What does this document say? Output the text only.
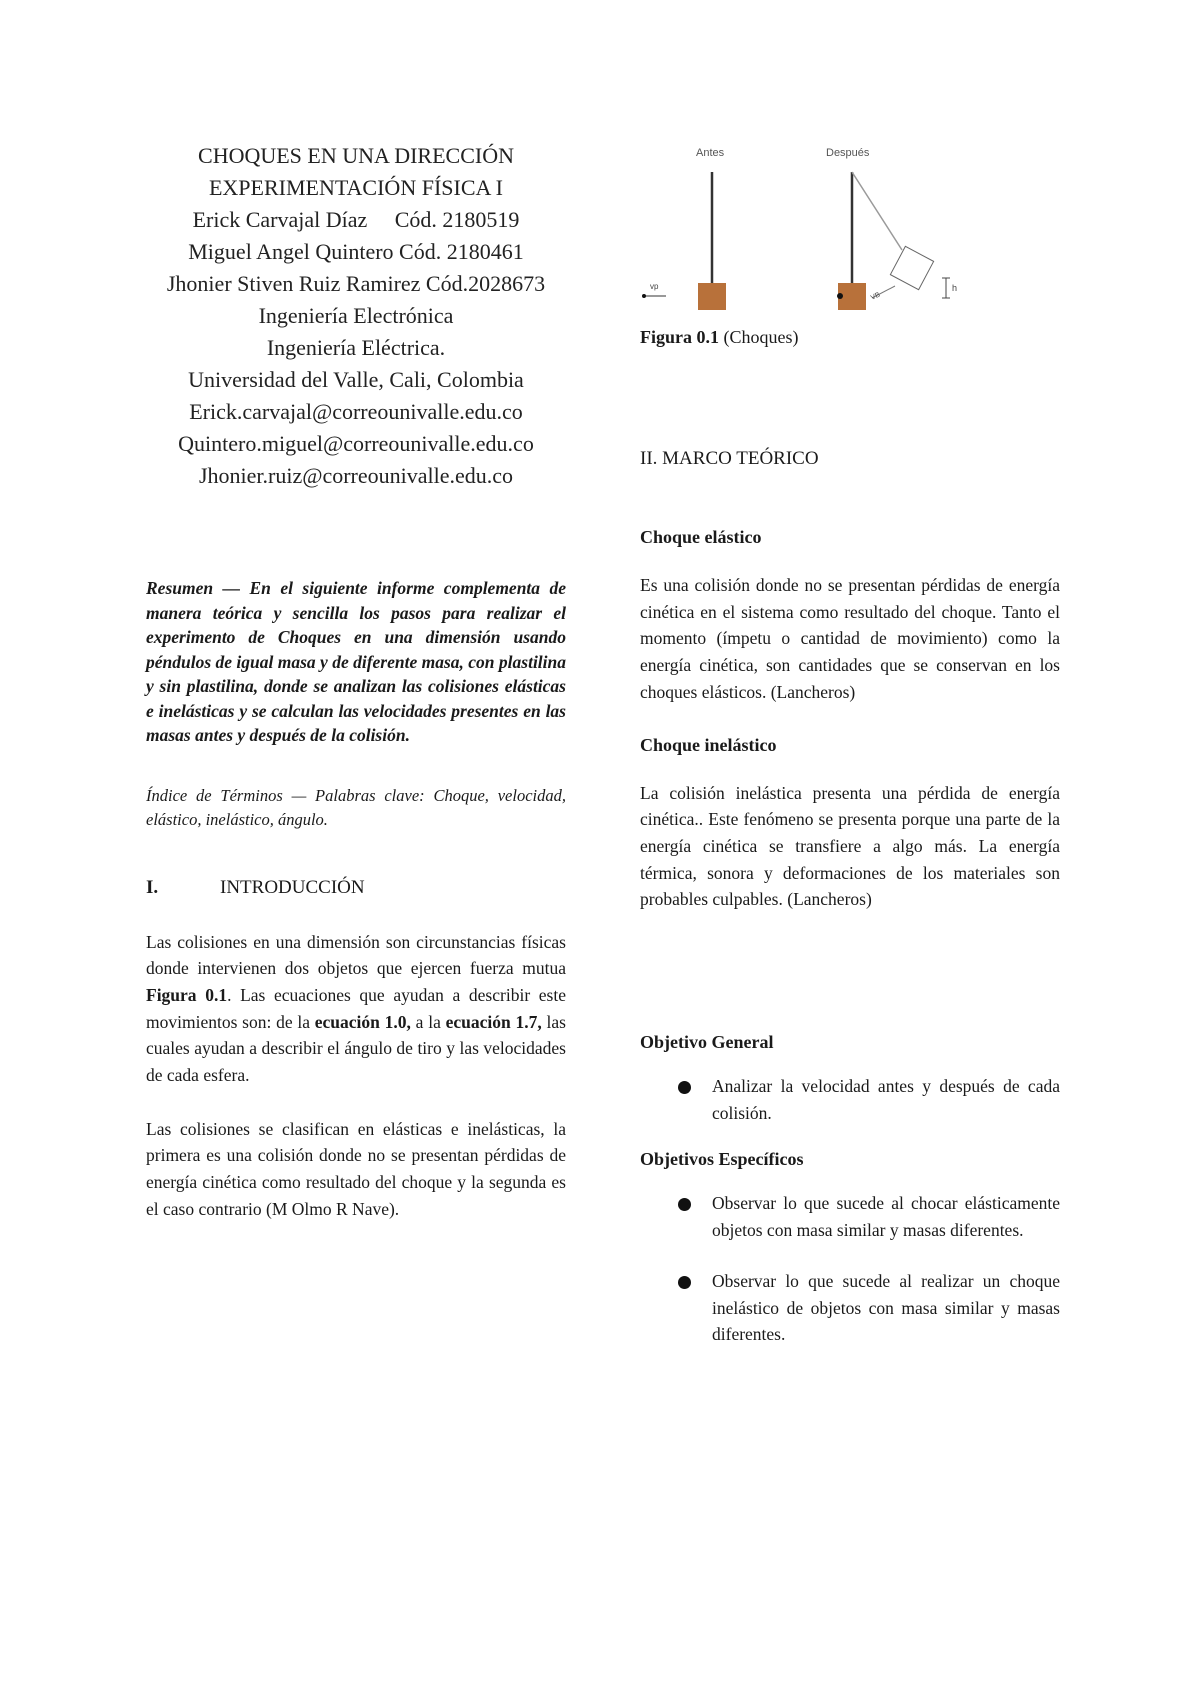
CHOQUES EN UNA DIRECCIÓN
EXPERIMENTACIÓN FÍSICA I
Erick Carvajal Díaz     Cód. 2180519
Miguel Angel Quintero Cód. 2180461
Jhonier Stiven Ruiz Ramirez Cód.2028673
Ingeniería Electrónica
Ingeniería Eléctrica.
Universidad del Valle, Cali, Colombia
Erick.carvajal@correounivalle.edu.co
Quintero.miguel@correounivalle.edu.co
Jhonier.ruiz@correounivalle.edu.co
Resumen — En el siguiente informe complementa de manera teórica y sencilla los pasos para realizar el experimento de Choques en una dimensión usando péndulos de igual masa y de diferente masa, con plastilina y sin plastilina, donde se analizan las colisiones elásticas e inelásticas y se calculan las velocidades presentes en las masas antes y después de la colisión.
Índice de Términos — Palabras clave: Choque, velocidad, elástico, inelástico, ángulo.
I.	INTRODUCCIÓN
Las colisiones en una dimensión son circunstancias físicas donde intervienen dos objetos que ejercen fuerza mutua Figura 0.1. Las ecuaciones que ayudan a describir este movimientos son: de la ecuación 1.0, a la ecuación 1.7, las cuales ayudan a describir el ángulo de tiro y las velocidades de cada esfera.
Las colisiones se clasifican en elásticas e inelásticas, la primera es una colisión donde no se presentan pérdidas de energía cinética como resultado del choque y la segunda es el caso contrario (M Olmo R Nave).
Antes
vp
Después
VB
h
Figura 0.1 (Choques)
II. MARCO TEÓRICO
Choque elástico
Es una colisión donde no se presentan pérdidas de energía cinética en el sistema como resultado del choque. Tanto el momento (ímpetu o cantidad de movimiento) como la energía cinética, son cantidades que se conservan en los choques elásticos. (Lancheros)
Choque inelástico
La colisión inelástica presenta una pérdida de energía cinética.. Este fenómeno se presenta porque una parte de la energía cinética se transfiere a algo más. La energía térmica, sonora y deformaciones de los materiales son probables culpables. (Lancheros)
Objetivo General
Analizar la velocidad antes y después de cada colisión.
Objetivos Específicos
Observar lo que sucede al chocar elásticamente objetos con masa similar y masas diferentes.
Observar lo que sucede al realizar un choque inelástico de objetos con masa similar y masas diferentes.
